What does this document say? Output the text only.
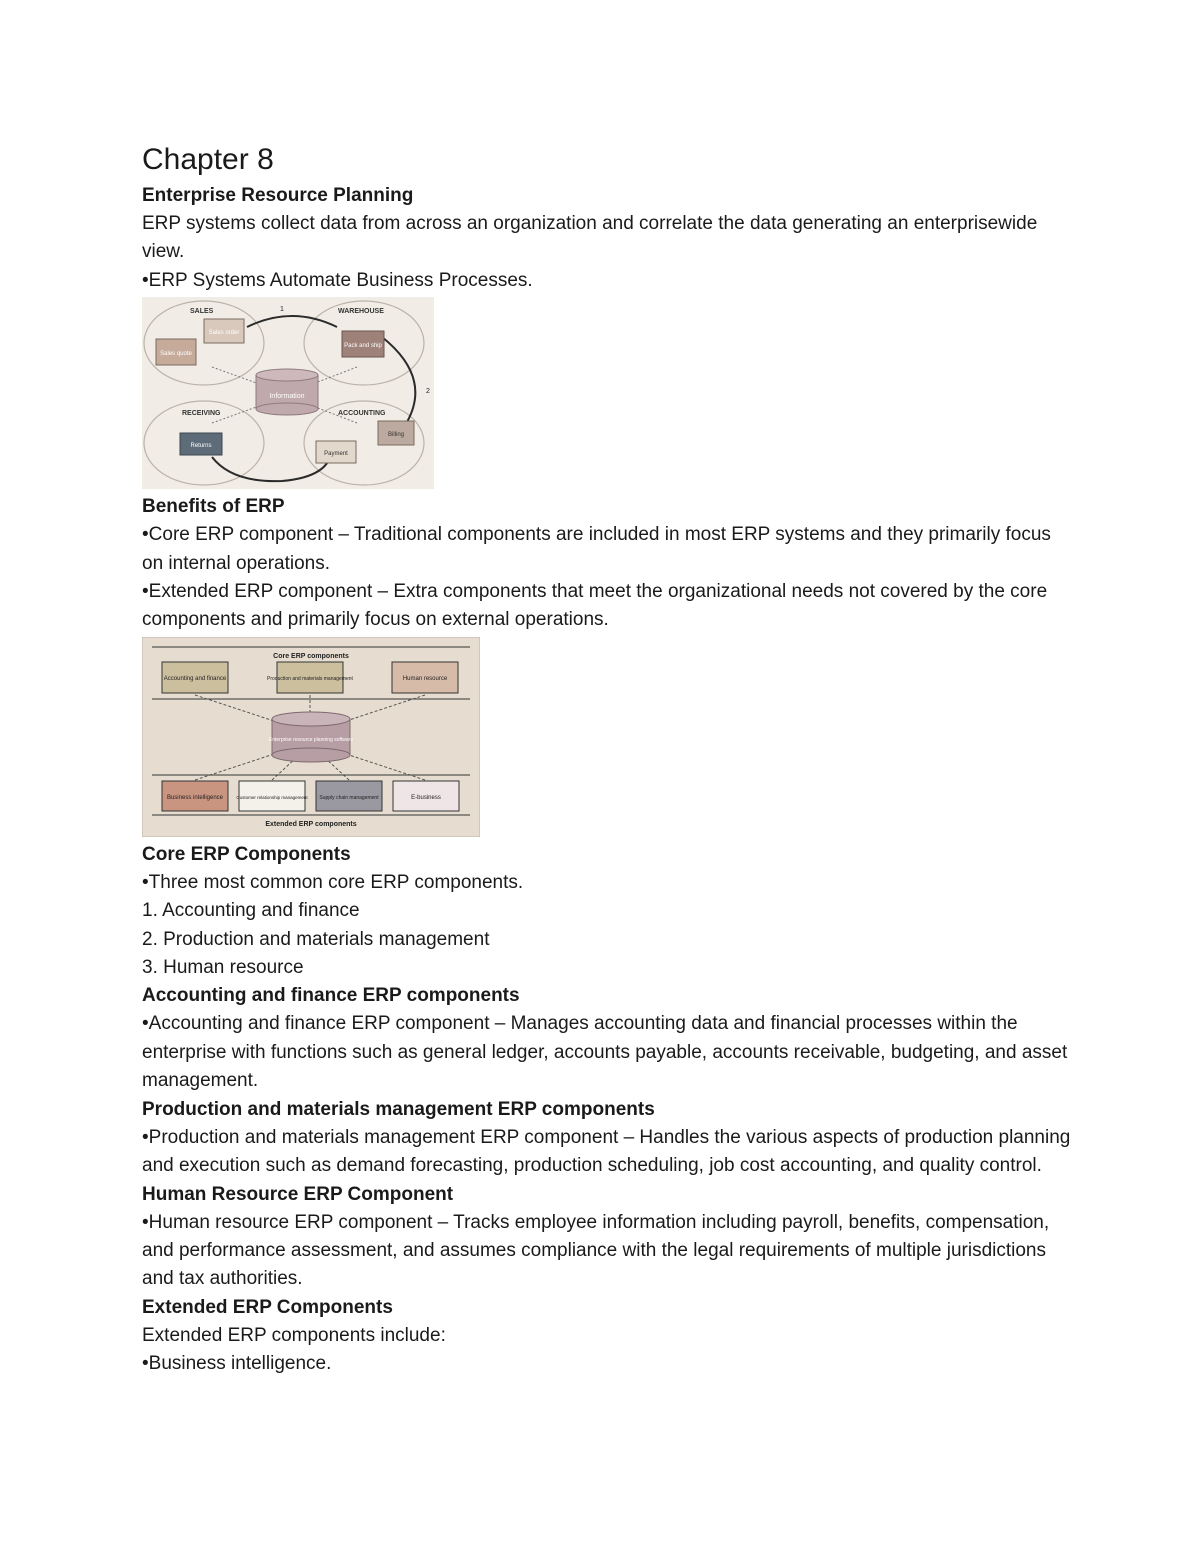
Chapter 8

Enterprise Resource Planning

ERP systems collect data from across an organization and correlate the data generating an enterprisewide view.

•ERP Systems Automate Business Processes.

SALES	WAREHOUSE
RECEIVING	ACCOUNTING
1
2
Information
Sales quote
Sales order
Pack and ship
Returns
Billing
Payment

Benefits of ERP

•Core ERP component – Traditional components are included in most ERP systems and they primarily focus on internal operations.

•Extended ERP component – Extra components that meet the organizational needs not covered by the core components and primarily focus on external operations.

Core ERP components
Accounting and finance	Production and materials management	Human resource
Enterprise resource planning software
Business intelligence	Customer relationship management Supply chain management	E-business
Extended ERP components

Core ERP Components

•Three most common core ERP components.

1. Accounting and finance

2. Production and materials management

3. Human resource

Accounting and finance ERP components

•Accounting and finance ERP component – Manages accounting data and financial processes within the enterprise with functions such as general ledger, accounts payable, accounts receivable, budgeting, and asset management.

Production and materials management ERP components

•Production and materials management ERP component – Handles the various aspects of production planning and execution such as demand forecasting, production scheduling, job cost accounting, and quality control.

Human Resource ERP Component

•Human resource ERP component – Tracks employee information including payroll, benefits, compensation, and performance assessment, and assumes compliance with the legal requirements of multiple jurisdictions and tax authorities.

Extended ERP Components

Extended ERP components include:

•Business intelligence.
